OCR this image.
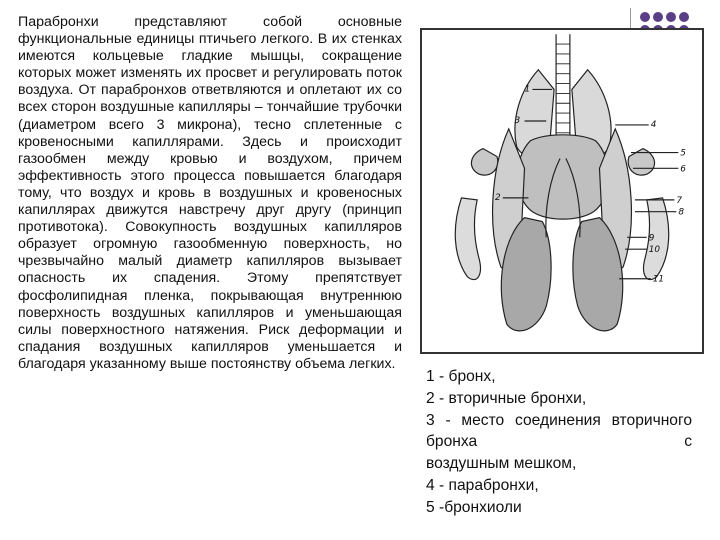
Парабронхи представляют собой основные функциональные единицы птичьего легкого. В их стенках имеются кольцевые гладкие мышцы, сокращение которых может изменять их просвет и регулировать поток воздуха. От парабронхов ответвляются и оплетают их со всех сторон воздушные капилляры – тончайшие трубочки (диаметром всего 3 микрона), тесно сплетенные с кровеносными капиллярами. Здесь и происходит газообмен между кровью и воздухом, причем эффективность этого процесса повышается благодаря тому, что воздух и кровь в воздушных и кровеносных капиллярах движутся навстречу друг другу (принцип противотока). Совокупность воздушных капилляров образует огромную газообменную поверхность, но чрезвычайно малый диаметр капилляров вызывает опасность их спадения. Этому препятствует фосфолипидная пленка, покрывающая внутреннюю поверхность воздушных капилляров и уменьшающая силы поверхностного натяжения. Риск деформации и спадания воздушных капилляров уменьшается и благодаря указанному выше постоянству объема легких.

1
3	4
5
6
2	7
8
9
10
11

1 - бронх,

2 - вторичные бронхи,

3 - место соединения вторичного бронха с

воздушным мешком,

4 - парабронхи,

5 -бронхиоли
